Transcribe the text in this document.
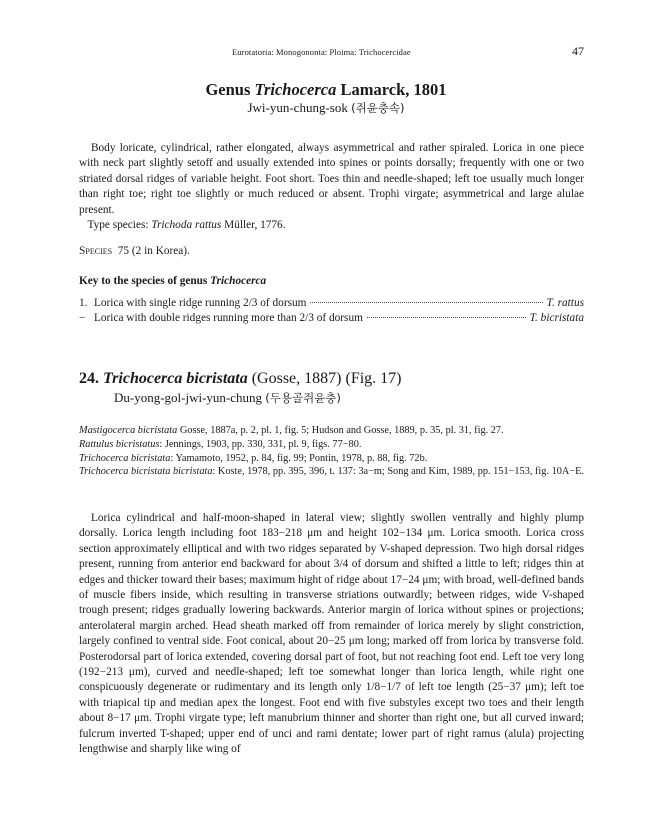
Eurotatoria: Monogononta: Ploima: Trichocercidae	47
Genus Trichocerca Lamarck, 1801
Jwi-yun-chung-sok (쥐윤충속)
Body loricate, cylindrical, rather elongated, always asymmetrical and rather spiraled. Lorica in one piece with neck part slightly setoff and usually extended into spines or points dorsally; frequently with one or two striated dorsal ridges of variable height. Foot short. Toes thin and needle-shaped; left toe usually much longer than right toe; right toe slightly or much reduced or absent. Trophi virgate; asymmetrical and large alulae present.
Type species: Trichoda rattus Müller, 1776.
Species 75 (2 in Korea).
Key to the species of genus Trichocerca
1. Lorica with single ridge running 2/3 of dorsum	T. rattus
− Lorica with double ridges running more than 2/3 of dorsum	T. bicristata
24. Trichocerca bicristata (Gosse, 1887) (Fig. 17)
Du-yong-gol-jwi-yun-chung (두용골쥐윤충)
Mastigocerca bicristata Gosse, 1887a, p. 2, pl. 1, fig. 5; Hudson and Gosse, 1889, p. 35, pl. 31, fig. 27.
Rattulus bicristatus: Jennings, 1903, pp. 330, 331, pl. 9, figs. 77−80.
Trichocerca bicristata: Yamamoto, 1952, p. 84, fig. 99; Pontin, 1978, p. 88, fig. 72b.
Trichocerca bicristata bicristata: Koste, 1978, pp. 395, 396, t. 137: 3a−m; Song and Kim, 1989, pp. 151−153, fig. 10A−E.
Lorica cylindrical and half-moon-shaped in lateral view; slightly swollen ventrally and highly plump dorsally. Lorica length including foot 183−218 μm and height 102−134 μm. Lorica smooth. Lorica cross section approximately elliptical and with two ridges separated by V-shaped depression. Two high dorsal ridges present, running from anterior end backward for about 3/4 of dorsum and shifted a little to left; ridges thin at edges and thicker toward their bases; maximum hight of ridge about 17−24 μm; with broad, well-defined bands of muscle fibers inside, which resulting in transverse striations outwardly; between ridges, wide V-shaped trough present; ridges gradually lowering backwards. Anterior margin of lorica without spines or projections; anterolateral margin arched. Head sheath marked off from remainder of lorica merely by slight constriction, largely confined to ventral side. Foot conical, about 20−25 μm long; marked off from lorica by transverse fold. Posterodorsal part of lorica extended, covering dorsal part of foot, but not reaching foot end. Left toe very long (192−213 μm), curved and needle-shaped; left toe somewhat longer than lorica length, while right one conspicuously degenerate or rudimentary and its length only 1/8−1/7 of left toe length (25−37 μm); left toe with triapical tip and median apex the longest. Foot end with five substyles except two toes and their length about 8−17 μm. Trophi virgate type; left manubrium thinner and shorter than right one, but all curved inward; fulcrum inverted T-shaped; upper end of unci and rami dentate; lower part of right ramus (alula) projecting lengthwise and sharply like wing of
